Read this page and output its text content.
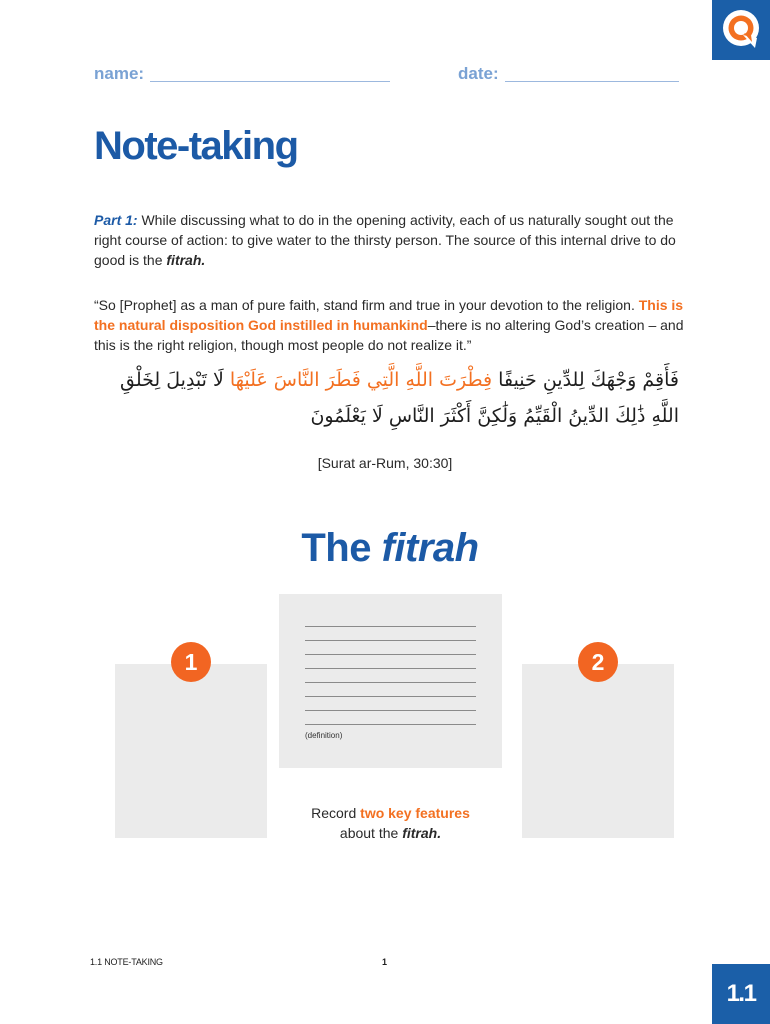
name:	date:
Note-taking

Part 1: While discussing what to do in the opening activity, each of us naturally sought out the right course of action: to give water to the thirsty person. The source of this internal drive to do good is the fitrah.

“So [Prophet] as a man of pure faith, stand firm and true in your devotion to the religion. This is the natural disposition God instilled in humankind–there is no altering God’s creation – and this is the right religion, though most people do not realize it.”

فَأَقِمْ وَجْهَكَ لِلدِّينِ حَنِيفًا فِطْرَتَ اللَّهِ الَّتِي فَطَرَ النَّاسَ عَلَيْهَا لَا تَبْدِيلَ لِخَلْقِ اللَّهِ ذَٰلِكَ الدِّينُ الْقَيِّمُ وَلَٰكِنَّ أَكْثَرَ النَّاسِ لَا يَعْلَمُونَ

[Surat ar-Rum, 30:30]
The fitrah
1	2
(definition)

Record two key features
about the fitrah.

1.1 NOTE-TAKING	1
1.1
